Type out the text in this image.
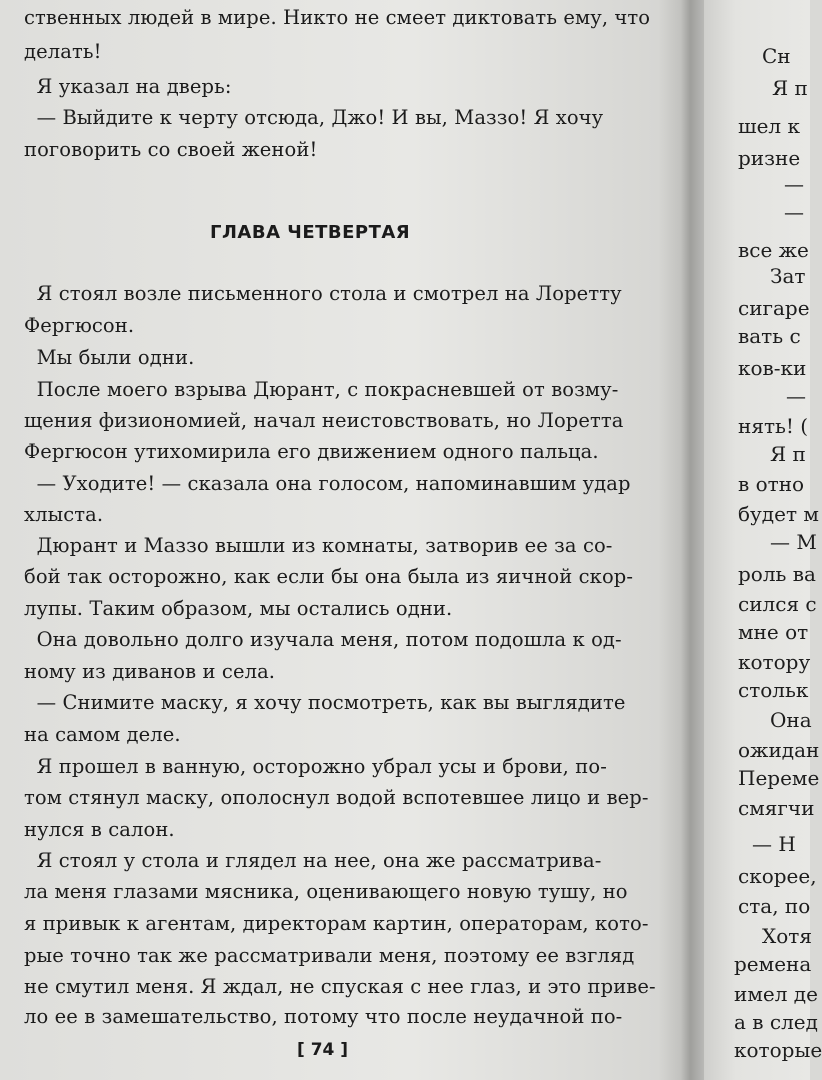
ственных людей в мире. Никто не смеет диктовать ему, что
делать!
Я указал на дверь:
— Выйдите к черту отсюда, Джо! И вы, Маззо! Я хочу
поговорить со своей женой!
Я стоял возле письменного стола и смотрел на Лоретту
Фергюсон.
Мы были одни.
После моего взрыва Дюрант, с покрасневшей от возму-
щения физиономией, начал неистовствовать, но Лоретта
Фергюсон утихомирила его движением одного пальца.
— Уходите! — сказала она голосом, напоминавшим удар
хлыста.
Дюрант и Маззо вышли из комнаты, затворив ее за со-
бой так осторожно, как если бы она была из яичной скор-
лупы. Таким образом, мы остались одни.
Она довольно долго изучала меня, потом подошла к од-
ному из диванов и села.
— Снимите маску, я хочу посмотреть, как вы выглядите
на самом деле.
Я прошел в ванную, осторожно убрал усы и брови, по-
том стянул маску, ополоснул водой вспотевшее лицо и вер-
нулся в салон.
Я стоял у стола и глядел на нее, она же рассматрива-
ла меня глазами мясника, оценивающего новую тушу, но
я привык к агентам, директорам картин, операторам, кото-
рые точно так же рассматривали меня, поэтому ее взгляд
не смутил меня. Я ждал, не спуская с нее глаз, и это приве-
ло ее в замешательство, потому что после неудачной по-
ГЛАВА ЧЕТВЕРТАЯ
[ 74 ]
Сн
Я п
шел к
ризне
—
—
все же
Зат
сигаре
вать с
ков-ки
—
нять! (
Я п
в отно
будет м
— М
роль ва
сился с
мне от
котору
стольк
Она
ожидан
Переме
смягчи
— Н
скорее,
ста, по
Хотя
ремена
имел де
а в след
которые
